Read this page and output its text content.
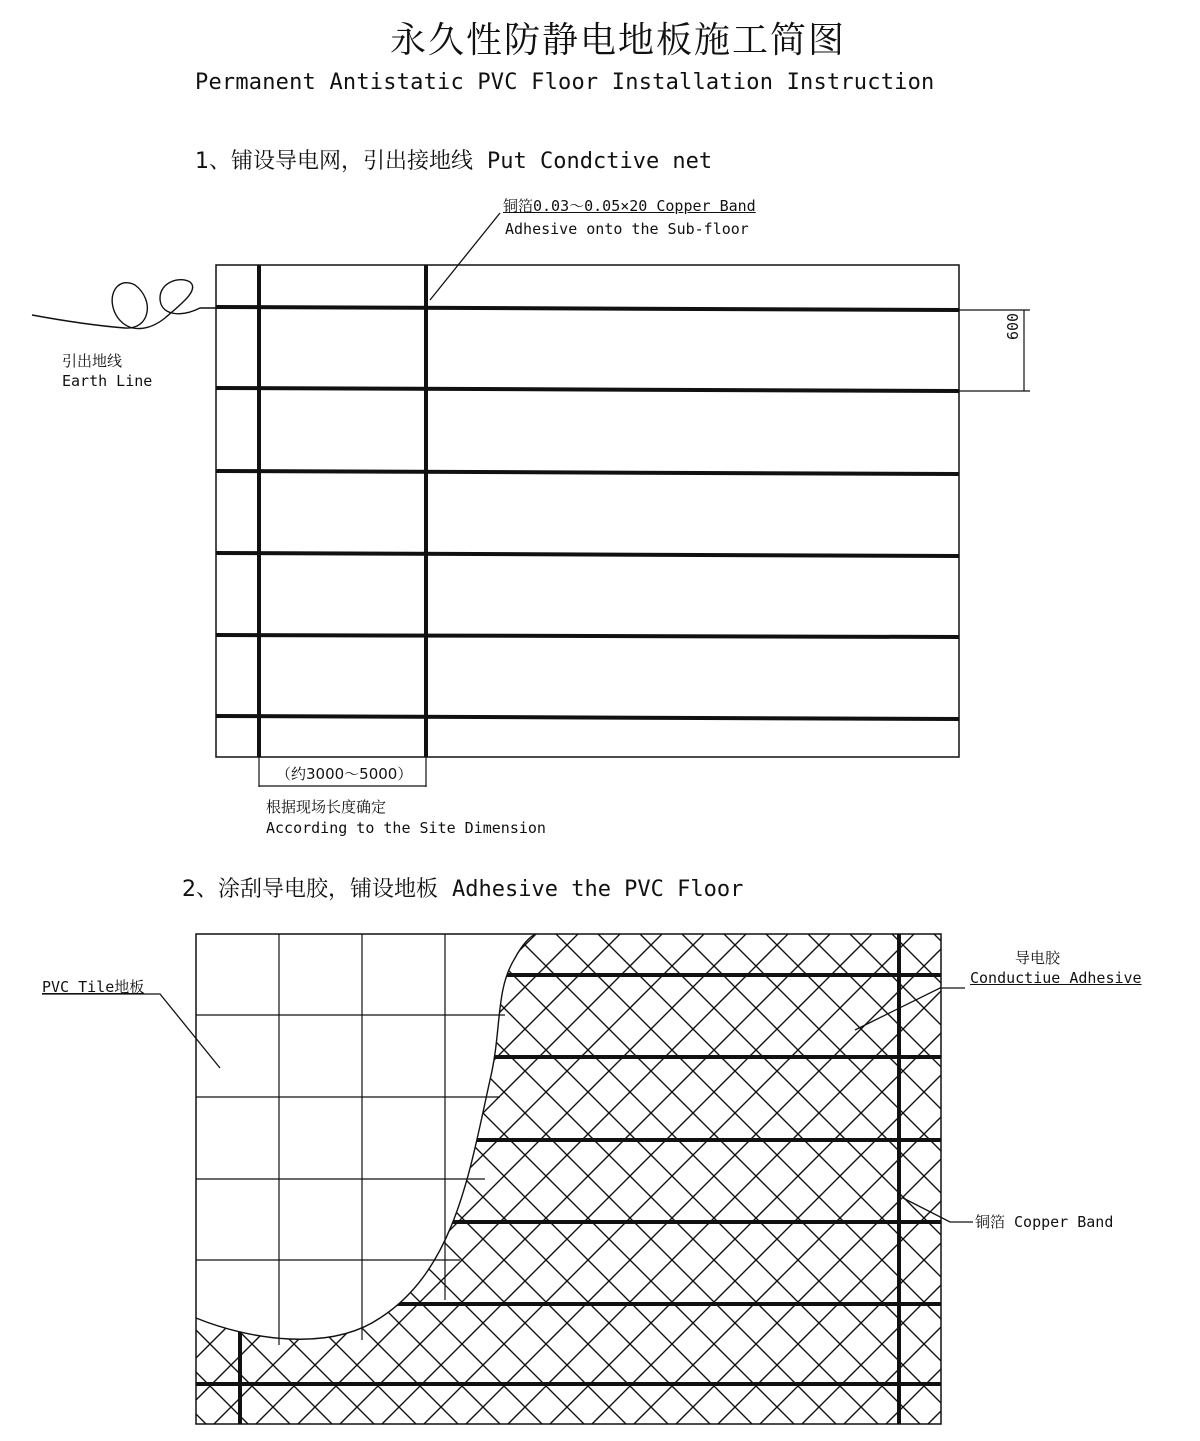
永久性防静电地板施工简图
Permanent Antistatic PVC Floor Installation Instruction
1、铺设导电网，引出接地线 Put Condctive net
2、涂刮导电胶，铺设地板 Adhesive the PVC Floor
铜箔0.03～0.05×20 Copper Band
Adhesive onto the Sub-floor
引出地线
Earth Line
600
（约3000～5000）
根据现场长度确定
According to the Site Dimension
PVC Tile地板
导电胶
Conductiue Adhesive
铜箔 Copper Band
